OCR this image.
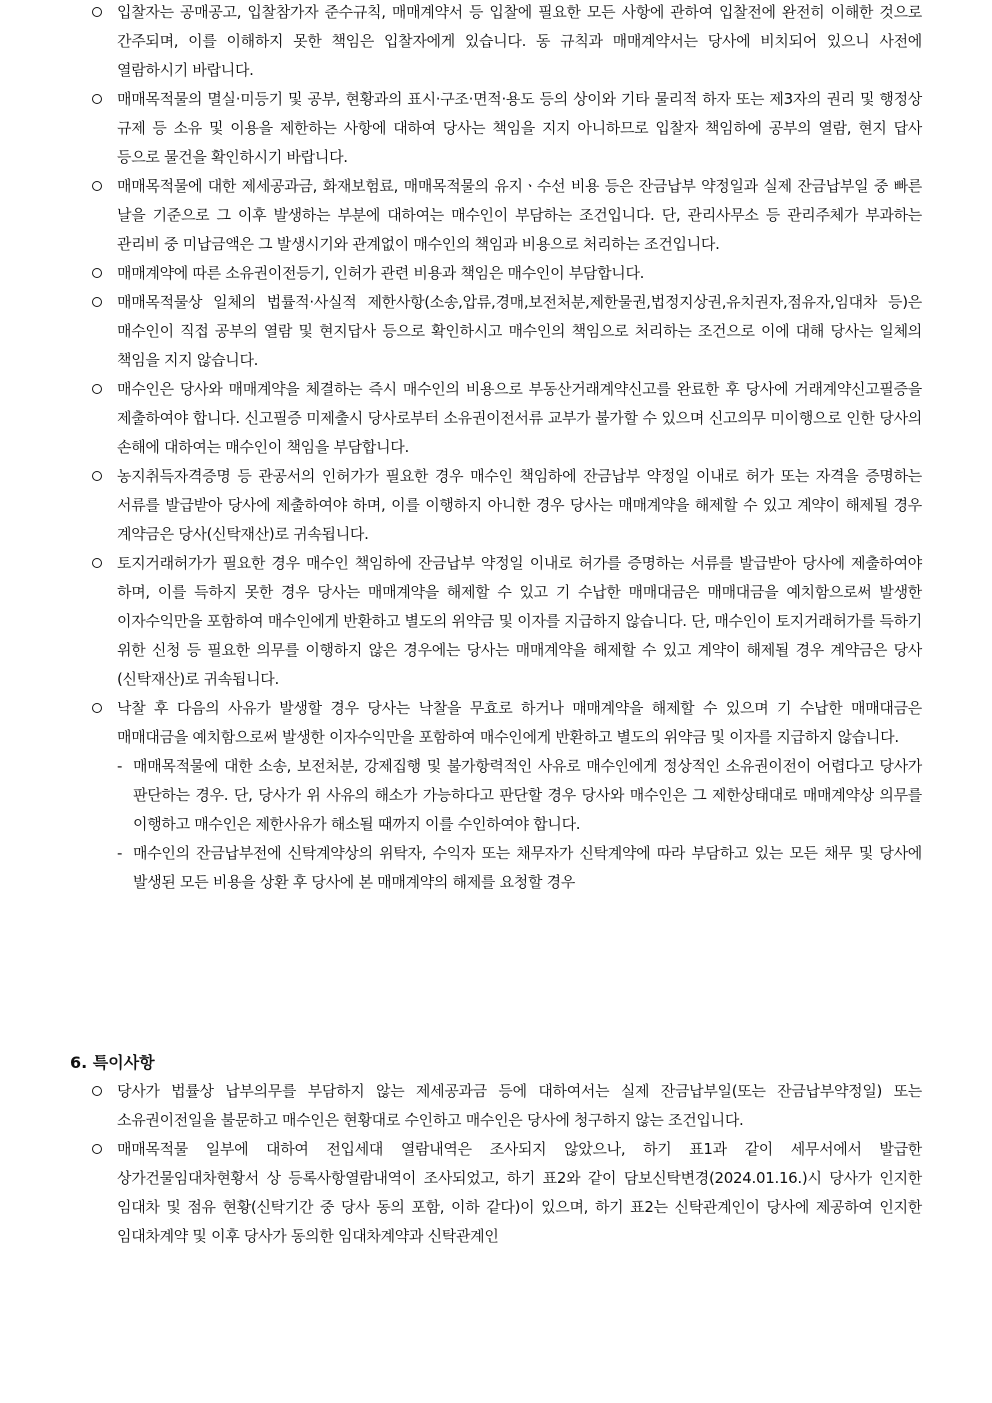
입찰자는 공매공고, 입찰참가자 준수규칙, 매매계약서 등 입찰에 필요한 모든 사항에 관하여 입찰전에 완전히 이해한 것으로 간주되며, 이를 이해하지 못한 책임은 입찰자에게 있습니다. 동 규칙과 매매계약서는 당사에 비치되어 있으니 사전에 열람하시기 바랍니다.
매매목적물의 멸실·미등기 및 공부, 현황과의 표시·구조·면적·용도 등의 상이와 기타 물리적 하자 또는 제3자의 권리 및 행정상 규제 등 소유 및 이용을 제한하는 사항에 대하여 당사는 책임을 지지 아니하므로 입찰자 책임하에 공부의 열람, 현지 답사 등으로 물건을 확인하시기 바랍니다.
매매목적물에 대한 제세공과금, 화재보험료, 매매목적물의 유지ㆍ수선 비용 등은 잔금납부 약정일과 실제 잔금납부일 중 빠른 날을 기준으로 그 이후 발생하는 부분에 대하여는 매수인이 부담하는 조건입니다. 단, 관리사무소 등 관리주체가 부과하는 관리비 중 미납금액은 그 발생시기와 관계없이 매수인의 책임과 비용으로 처리하는 조건입니다.
매매계약에 따른 소유권이전등기, 인허가 관련 비용과 책임은 매수인이 부담합니다.
매매목적물상 일체의 법률적·사실적 제한사항(소송,압류,경매,보전처분,제한물권,법정지상권,유치권자,점유자,임대차 등)은 매수인이 직접 공부의 열람 및 현지답사 등으로 확인하시고 매수인의 책임으로 처리하는 조건으로 이에 대해 당사는 일체의 책임을 지지 않습니다.
매수인은 당사와 매매계약을 체결하는 즉시 매수인의 비용으로 부동산거래계약신고를 완료한 후 당사에 거래계약신고필증을 제출하여야 합니다. 신고필증 미제출시 당사로부터 소유권이전서류 교부가 불가할 수 있으며 신고의무 미이행으로 인한 당사의 손해에 대하여는 매수인이 책임을 부담합니다.
농지취득자격증명 등 관공서의 인허가가 필요한 경우 매수인 책임하에 잔금납부 약정일 이내로 허가 또는 자격을 증명하는 서류를 발급받아 당사에 제출하여야 하며, 이를 이행하지 아니한 경우 당사는 매매계약을 해제할 수 있고 계약이 해제될 경우 계약금은 당사(신탁재산)로 귀속됩니다.
토지거래허가가 필요한 경우 매수인 책임하에 잔금납부 약정일 이내로 허가를 증명하는 서류를 발급받아 당사에 제출하여야 하며, 이를 득하지 못한 경우 당사는 매매계약을 해제할 수 있고 기 수납한 매매대금은 매매대금을 예치함으로써 발생한 이자수익만을 포함하여 매수인에게 반환하고 별도의 위약금 및 이자를 지급하지 않습니다. 단, 매수인이 토지거래허가를 득하기 위한 신청 등 필요한 의무를 이행하지 않은 경우에는 당사는 매매계약을 해제할 수 있고 계약이 해제될 경우 계약금은 당사(신탁재산)로 귀속됩니다.
낙찰 후 다음의 사유가 발생할 경우 당사는 낙찰을 무효로 하거나 매매계약을 해제할 수 있으며 기 수납한 매매대금은 매매대금을 예치함으로써 발생한 이자수익만을 포함하여 매수인에게 반환하고 별도의 위약금 및 이자를 지급하지 않습니다.
- 매매목적물에 대한 소송, 보전처분, 강제집행 및 불가항력적인 사유로 매수인에게 정상적인 소유권이전이 어렵다고 당사가 판단하는 경우. 단, 당사가 위 사유의 해소가 가능하다고 판단할 경우 당사와 매수인은 그 제한상태대로 매매계약상 의무를 이행하고 매수인은 제한사유가 해소될 때까지 이를 수인하여야 합니다.
- 매수인의 잔금납부전에 신탁계약상의 위탁자, 수익자 또는 채무자가 신탁계약에 따라 부담하고 있는 모든 채무 및 당사에 발생된 모든 비용을 상환 후 당사에 본 매매계약의 해제를 요청할 경우
6. 특이사항
당사가 법률상 납부의무를 부담하지 않는 제세공과금 등에 대하여서는 실제 잔금납부일(또는 잔금납부약정일) 또는 소유권이전일을 불문하고 매수인은 현황대로 수인하고 매수인은 당사에 청구하지 않는 조건입니다.
매매목적물 일부에 대하여 전입세대 열람내역은 조사되지 않았으나, 하기 표1과 같이 세무서에서 발급한 상가건물임대차현황서 상 등록사항열람내역이 조사되었고, 하기 표2와 같이 담보신탁변경(2024.01.16.)시 당사가 인지한 임대차 및 점유 현황(신탁기간 중 당사 동의 포함, 이하 같다)이 있으며, 하기 표2는 신탁관계인이 당사에 제공하여 인지한 임대차계약 및 이후 당사가 동의한 임대차계약과 신탁관계인
